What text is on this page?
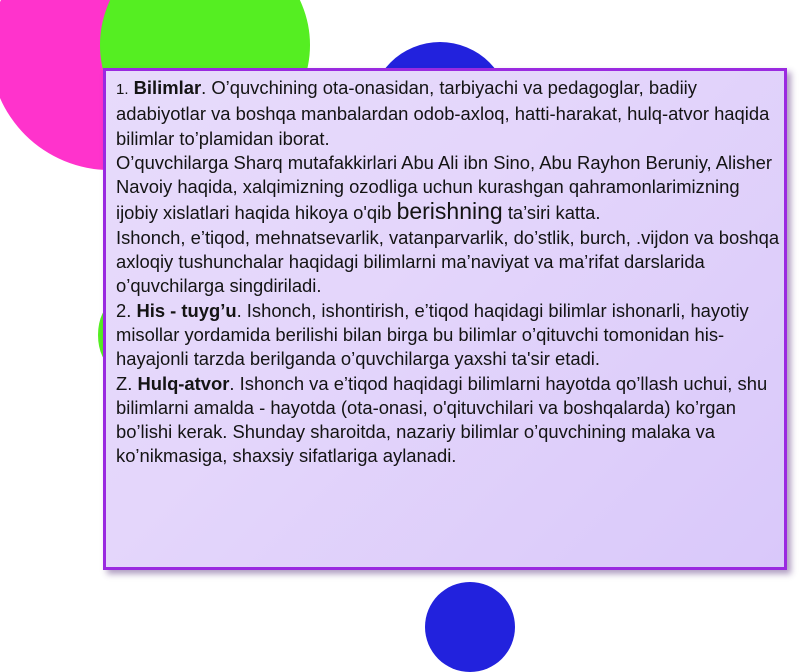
1. Bilimlar. O’quvchining ota-onasidan, tarbiyachi va pedagoglar, badiiy adabiyotlar va boshqa manbalardan odob-axloq, hatti-harakat, hulq-atvor haqida bilimlar to’plamidan iborat.

O’quvchilarga Sharq mutafakkirlari Abu Ali ibn Sino, Abu Rayhon Beruniy, Alisher Navoiy haqida, xalqimizning ozodliga uchun kurashgan qahramonlarimizning ijobiy xislatlari haqida hikoya o'qib berishning ta’siri katta.

Ishonch, e’tiqod, mehnatsevarlik, vatanparvarlik, do’stlik, burch, .vijdon va boshqa axloqiy tushunchalar haqidagi bilimlarni ma’naviyat va ma’rifat darslarida o’quvchilarga singdiriladi.

2. His - tuyg’u. Ishonch, ishontirish, e’tiqod haqidagi bilimlar ishonarli, hayotiy misollar yordamida berilishi bilan birga bu bilimlar o’qituvchi tomonidan his-hayajonli tarzda berilganda o’quvchilarga yaxshi ta'sir etadi.

Z. Hulq-atvor. Ishonch va e’tiqod haqidagi bilimlarni hayotda qo’llash uchui, shu bilimlarni amalda - hayotda (ota-onasi, o'qituvchilari va boshqalarda) ko’rgan bo’lishi kerak. Shunday sharoitda, nazariy bilimlar o’quvchining malaka va ko’nikmasiga, shaxsiy sifatlariga aylanadi.
